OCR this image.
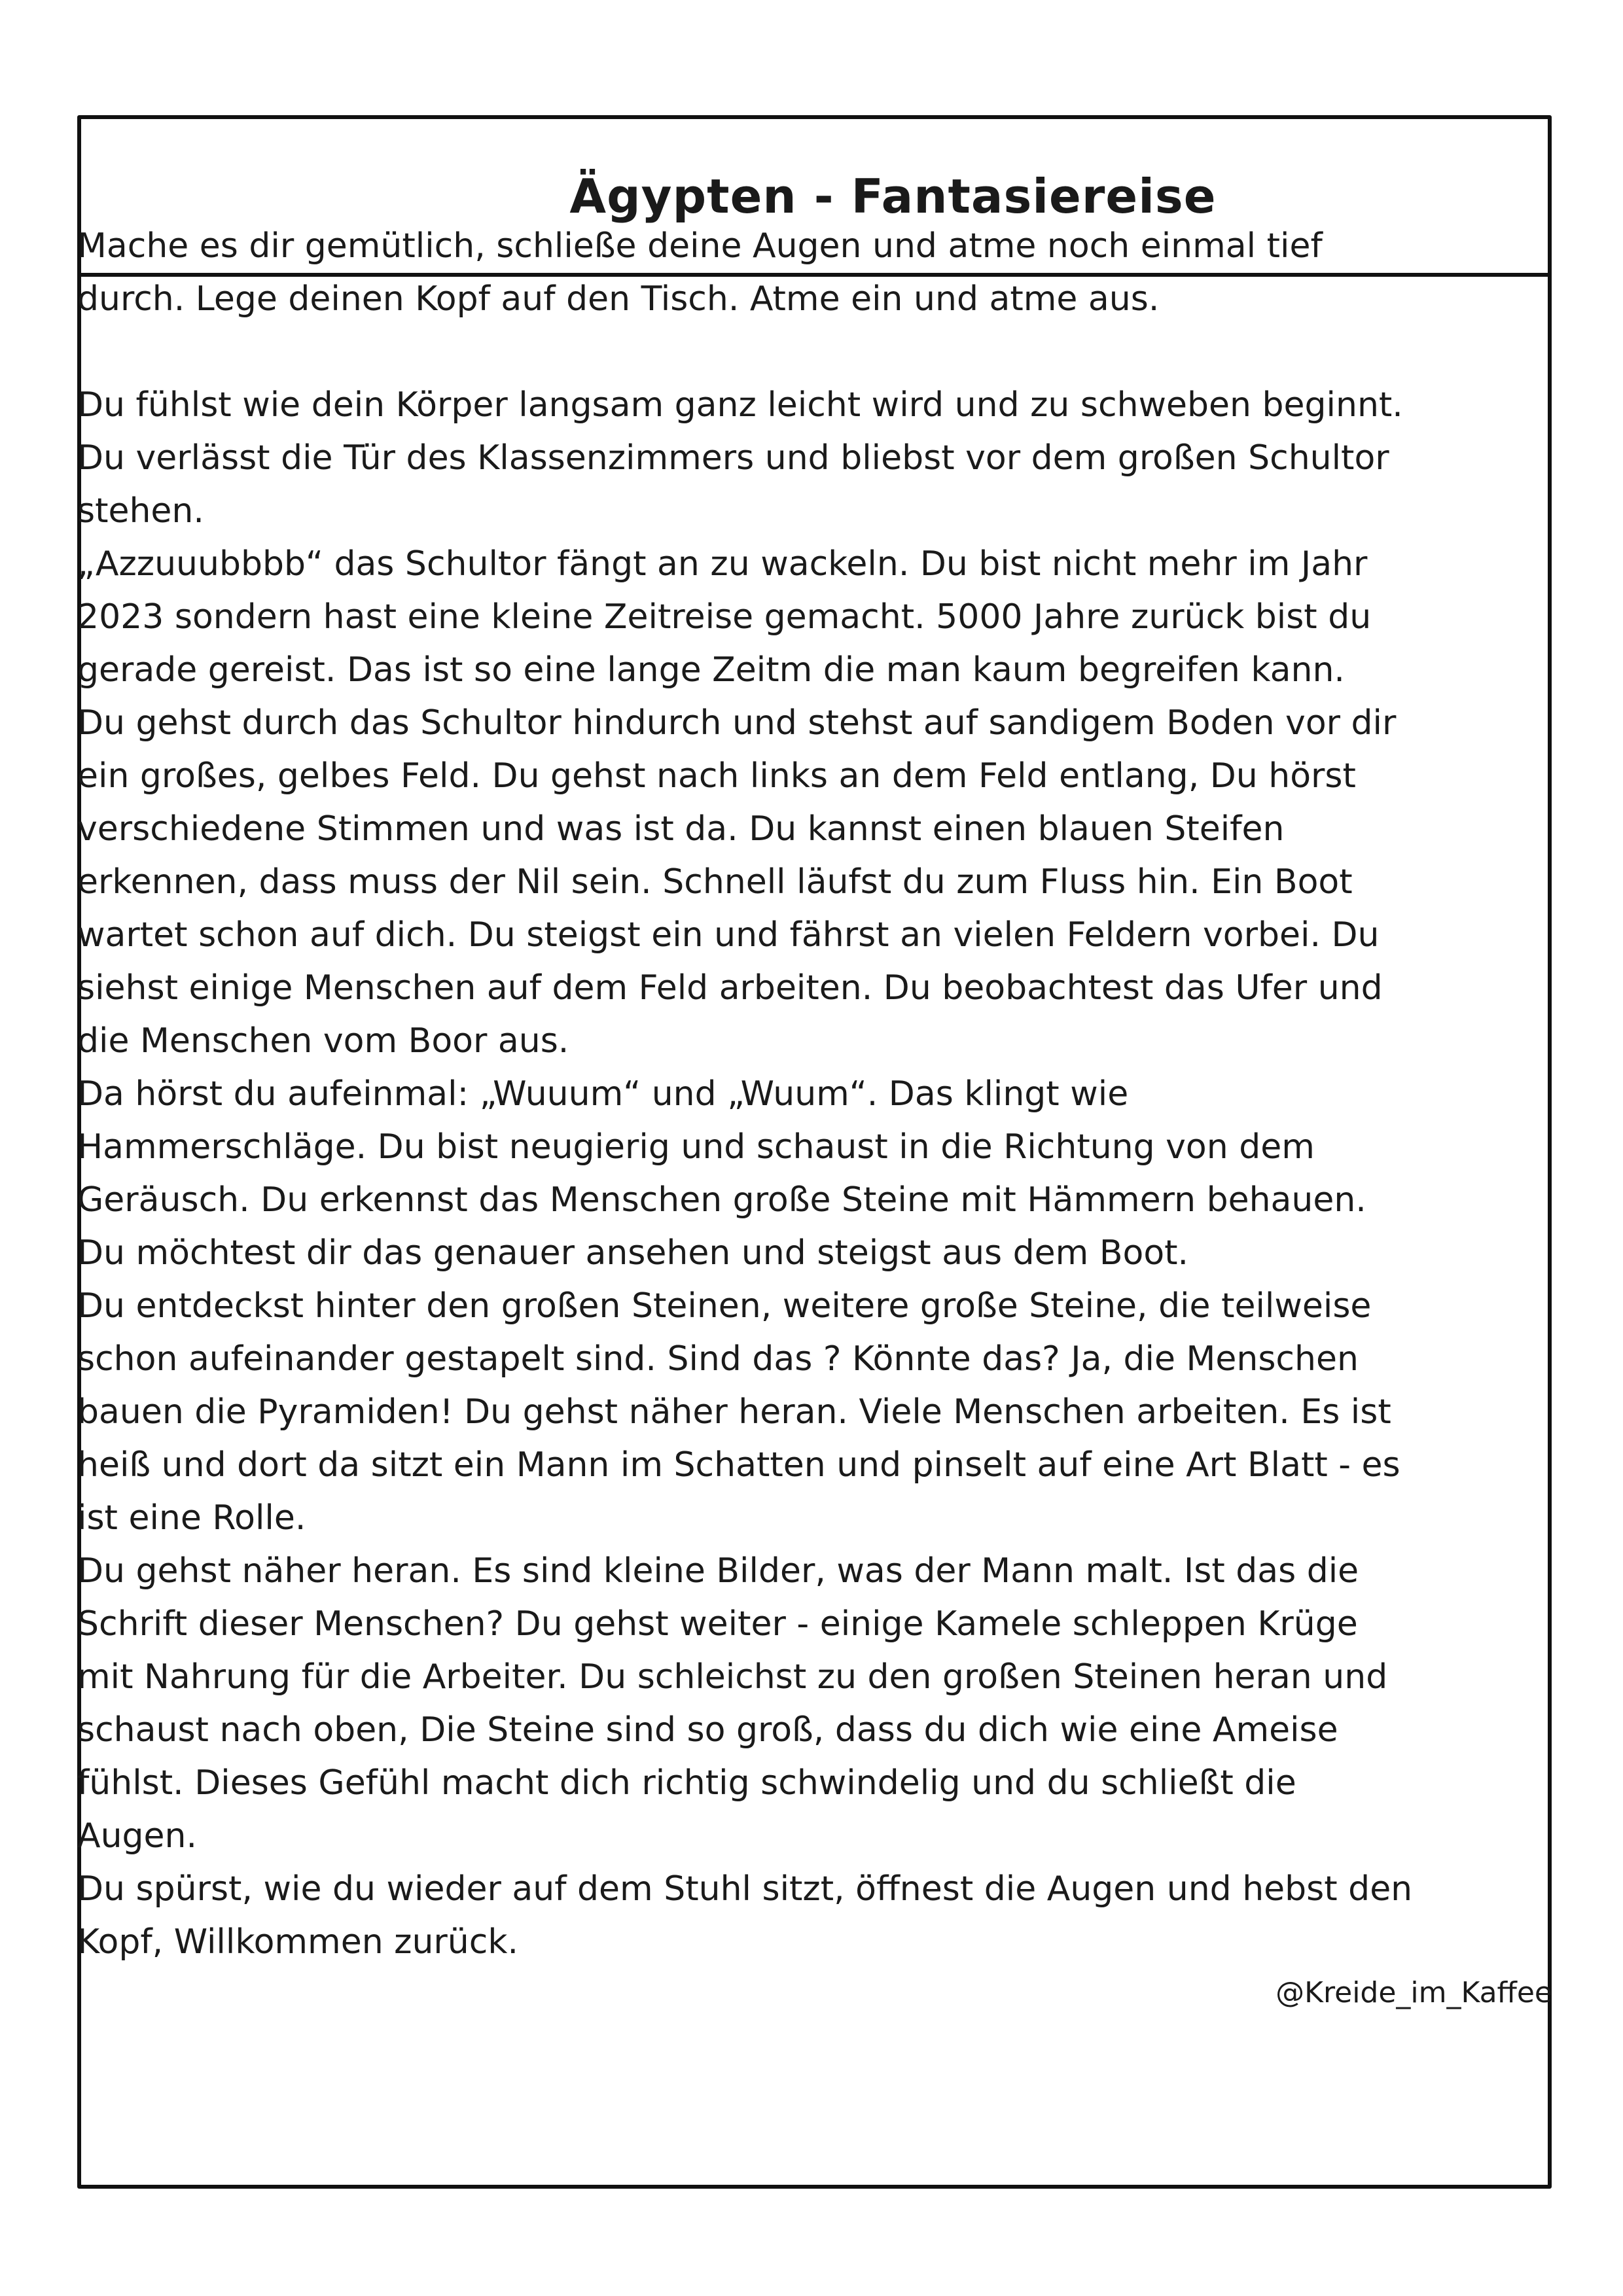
Ägypten - Fantasiereise

Mache es dir gemütlich, schließe deine Augen und atme noch einmal tief durch. Lege deinen Kopf auf den Tisch. Atme ein und atme aus.

Du fühlst wie dein Körper langsam ganz leicht wird und zu schweben beginnt. Du verlässt die Tür des Klassenzimmers und bliebst vor dem großen Schultor stehen.

„Azzuuubbbb“ das Schultor fängt an zu wackeln. Du bist nicht mehr im Jahr 2023 sondern hast eine kleine Zeitreise gemacht. 5000 Jahre zurück bist du gerade gereist. Das ist so eine lange Zeitm die man kaum begreifen kann.

Du gehst durch das Schultor hindurch und stehst auf sandigem Boden vor dir ein großes, gelbes Feld. Du gehst nach links an dem Feld entlang, Du hörst verschiedene Stimmen und was ist da. Du kannst einen blauen Steifen erkennen, dass muss der Nil sein. Schnell läufst du zum Fluss hin. Ein Boot wartet schon auf dich. Du steigst ein und fährst an vielen Feldern vorbei. Du siehst einige Menschen auf dem Feld arbeiten. Du beobachtest das Ufer und die Menschen vom Boor aus.

Da hörst du aufeinmal: „Wuuum“ und „Wuum“. Das klingt wie Hammerschläge. Du bist neugierig und schaust in die Richtung von dem Geräusch. Du erkennst das Menschen große Steine mit Hämmern behauen. Du möchtest dir das genauer ansehen und steigst aus dem Boot.

Du entdeckst hinter den großen Steinen, weitere große Steine, die teilweise schon aufeinander gestapelt sind. Sind das ? Könnte das? Ja, die Menschen bauen die Pyramiden! Du gehst näher heran. Viele Menschen arbeiten. Es ist heiß und dort da sitzt ein Mann im Schatten und pinselt auf eine Art Blatt - es ist eine Rolle.

Du gehst näher heran. Es sind kleine Bilder, was der Mann malt. Ist das die Schrift dieser Menschen? Du gehst weiter - einige Kamele schleppen Krüge mit Nahrung für die Arbeiter. Du schleichst zu den großen Steinen heran und schaust nach oben, Die Steine sind so groß, dass du dich wie eine Ameise fühlst. Dieses Gefühl macht dich richtig schwindelig und du schließt die Augen.

Du spürst, wie du wieder auf dem Stuhl sitzt, öffnest die Augen und hebst den Kopf, Willkommen zurück.

@Kreide_im_Kaffee
